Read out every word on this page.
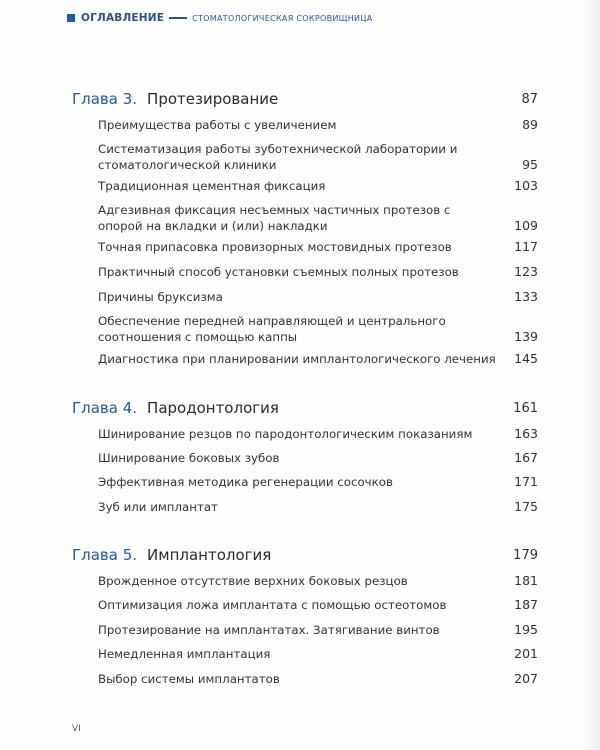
ОГЛАВЛЕНИЕ	СТОМАТОЛОГИЧЕСКАЯ СОКРОВИЩНИЦА
Глава 3. Протезирование	87
Преимущества работы с увеличением	89
Систематизация работы зуботехнической лаборатории и стоматологической клиники	95
Традиционная цементная фиксация	103
Адгезивная фиксация несъемных частичных протезов с опорой на вкладки и (или) накладки	109
Точная припасовка провизорных мостовидных протезов	117
Практичный способ установки съемных полных протезов	123
Причины бруксизма	133
Обеспечение передней направляющей и центрального соотношения с помощью каппы	139
Диагностика при планировании имплантологического лечения 145
Глава 4. Пародонтология	161
Шинирование резцов по пародонтологическим показаниям	163
Шинирование боковых зубов	167
Эффективная методика регенерации сосочков	171
Зуб или имплантат	175
Глава 5. Имплантология	179
Врожденное отсутствие верхних боковых резцов	181
Оптимизация ложа имплантата с помощью остеотомов	187
Протезирование на имплантатах. Затягивание винтов	195
Немедленная имплантация	201
Выбор системы имплантатов	207
VI
